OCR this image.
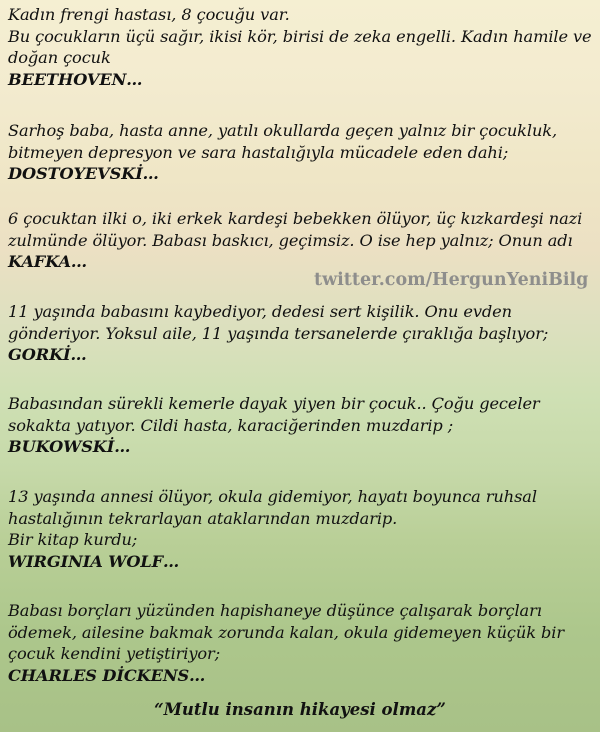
Kadın frengi hastası, 8 çocuğu var.
Bu çocukların üçü sağır, ikisi kör, birisi de zeka engelli. Kadın hamile ve
doğan çocuk
BEETHOVEN…
Sarhoş baba, hasta anne, yatılı okullarda geçen yalnız bir çocukluk,
bitmeyen depresyon ve sara hastalığıyla mücadele eden dahi;
DOSTOYEVSKİ…
6 çocuktan ilki o, iki erkek kardeşi bebekken ölüyor, üç kızkardeşi nazi
zulmünde ölüyor. Babası baskıcı, geçimsiz. O ise hep yalnız; Onun adı
KAFKA…
twitter.com/HergunYeniBilg
11 yaşında babasını kaybediyor, dedesi sert kişilik. Onu evden
gönderiyor. Yoksul aile, 11 yaşında tersanelerde çıraklığa başlıyor;
GORKİ…
Babasından sürekli kemerle dayak yiyen bir çocuk.. Çoğu geceler
sokakta yatıyor. Cildi hasta, karaciğerinden muzdarip ;
BUKOWSKİ…
13 yaşında annesi ölüyor, okula gidemiyor, hayatı boyunca ruhsal
hastalığının tekrarlayan ataklarından muzdarip.
Bir kitap kurdu;
WIRGINIA WOLF…
Babası borçları yüzünden hapishaneye düşünce çalışarak borçları
ödemek, ailesine bakmak zorunda kalan, okula gidemeyen küçük bir
çocuk kendini yetiştiriyor;
CHARLES DİCKENS…
“Mutlu insanın hikayesi olmaz”
